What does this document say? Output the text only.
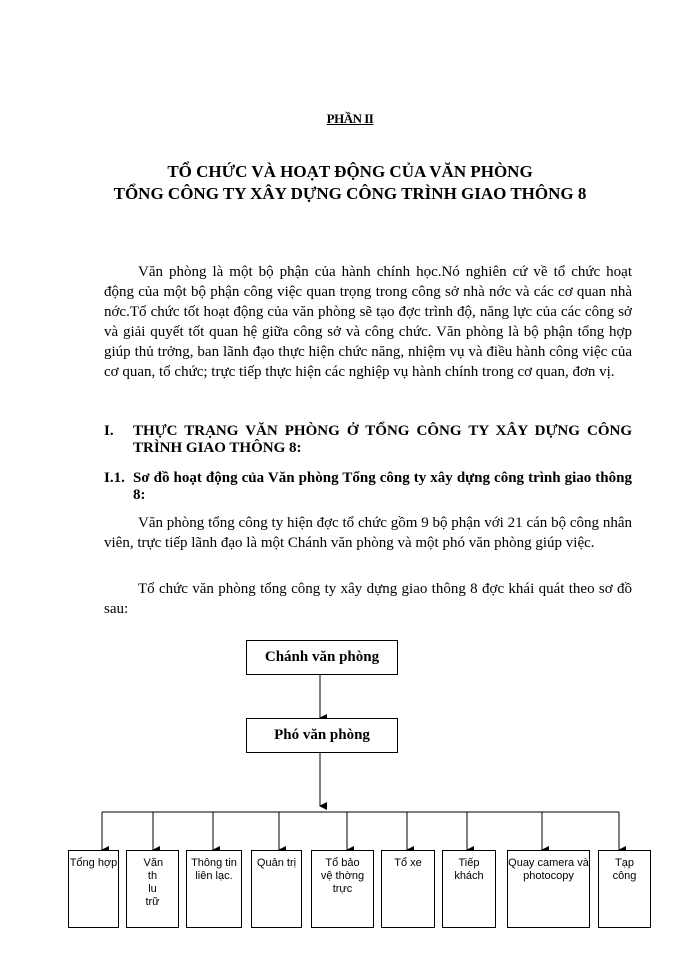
PHẦN II
TỔ CHỨC VÀ HOẠT ĐỘNG CỦA VĂN PHÒNG
TỔNG CÔNG TY XÂY DỰNG CÔNG TRÌNH GIAO THÔNG 8
Văn phòng là một bộ phận của hành chính học.Nó nghiên cứ về tổ chức hoạt động của một bộ phận công việc quan trọng trong công sở nhà nớc và các cơ quan nhà nớc.Tổ chức tốt hoạt động của văn phòng sẽ tạo đợc trình độ, năng lực của các công sở và giải quyết tốt quan hệ giữa công sở và công chức. Văn phòng là bộ phận tổng hợp giúp thủ trởng, ban lãnh đạo thực hiện chức năng, nhiệm vụ và điều hành công việc của cơ quan, tổ chức; trực tiếp thực hiện các nghiệp vụ hành chính trong cơ quan, đơn vị.
I. THỰC TRẠNG VĂN PHÒNG Ở TỔNG CÔNG TY XÂY DỰNG CÔNG TRÌNH GIAO THÔNG 8:
I.1. Sơ đồ hoạt động của Văn phòng Tổng công ty xây dựng công trình giao thông 8:
Văn phòng tổng công ty hiện đợc tổ chức gồm 9 bộ phận với 21 cán bộ công nhân viên, trực tiếp lãnh đạo là một Chánh văn phòng và một phó văn phòng giúp việc.
Tổ chức văn phòng tổng công ty xây dựng giao thông 8 đợc khái quát theo sơ đồ sau:
Chánh văn phòng
Phó văn phòng
Tổng hợp Văn th lu trữ
Thông tin liên lạc.
Quản trị	Tổ bảo vệ thờng trực
Tổ xe	Tiếp khách
Quay camera và photocopy
Tạp công
